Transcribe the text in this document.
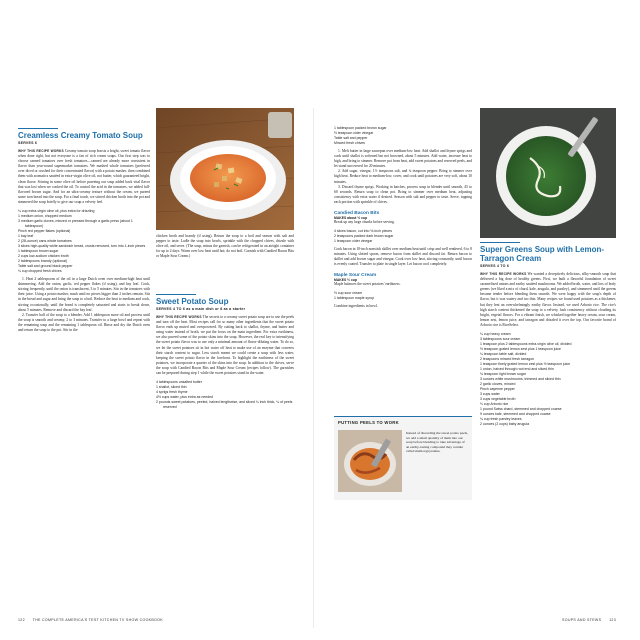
Creamless Creamy Tomato Soup
SERVES 6
WHY THIS RECIPE WORKS Creamy tomato soup boosts a bright, sweet tomato flavor when done right, but not everyone is a fan of rich cream soups. Our first step was to choose canned tomatoes over fresh tomatoes—canned are already more consistent in flavor than year-round supermarket tomatoes. We mashed whole tomatoes (preferred over diced or crushed for their concentrated flavor) with a potato masher, then combined them with aromatics sautéed in extra-virgin olive oil, not butter, which guaranteed bright, clean flavor. Stirring in some olive oil before pureeing our soup added back vital flavor that was lost when we cooked the oil. To control the acid in the tomatoes, we added full-flavored brown sugar. And for an ultra-creamy texture without the cream, we pureed some torn bread into the soup. For a final touch, we stirred chicken broth into the pot and simmered the soup briefly to give our soup a velvety feel.
¼ cup extra-virgin olive oil, plus extra for drizzling
1 medium onion, chopped medium
3 medium garlic cloves, minced or pressed through a garlic press (about 1 tablespoon)
Pinch red pepper flakes (optional)
1 bay leaf
2 (28-ounce) cans whole tomatoes
3 slices high-quality white sandwich bread, crusts removed, torn into 1-inch pieces
1 tablespoon brown sugar
2 cups low-sodium chicken broth
2 tablespoons brandy (optional)
Table salt and ground black pepper
¼ cup chopped fresh chives

1. Heat 2 tablespoons of the oil in a large Dutch oven over medium-high heat until shimmering. Add the onion, garlic, red pepper flakes (if using), and bay leaf. Cook, stirring frequently, until the onion is translucent, 3 to 5 minutes. Stir in the tomatoes with their juice. Using a potato masher, mash until no pieces bigger than 2 inches remain. Stir in the bread and sugar and bring the soup to a boil. Reduce the heat to medium and cook, stirring occasionally, until the bread is completely saturated and starts to break down, about 5 minutes. Remove and discard the bay leaf.

2. Transfer half of the soup to a blender. Add 1 tablespoon more oil and process until the soup is smooth and creamy, 2 to 3 minutes. Transfer to a large bowl and repeat with the remaining soup and the remaining 1 tablespoon oil. Rinse and dry the Dutch oven and return the soup to the pot. Stir in the

chicken broth and brandy (if using). Return the soup to a boil and season with salt and pepper to taste. Ladle the soup into bowls, sprinkle with the chopped chives, drizzle with olive oil, and serve. (The soup, minus the garnish, can be refrigerated in an airtight container for up to 2 days. Warm over low heat until hot; do not boil. Garnish with Candied Bacon Bits or Maple Sour Cream.)
Sweet Potato Soup
SERVES 4 TO 6 as a main dish or 8 as a starter
WHY THIS RECIPE WORKS The secrets to a creamy sweet potato soup are to use the peels and turn off the heat. Most recipes call for so many other ingredients that the sweet potato flavor ends up muted and overpowered. By cutting back to shallot, thyme, and butter and using water instead of broth, we put the focus on the main ingredient. For extra earthiness, we also pureed some of the potato skins into the soup. However, the real key to intensifying the sweet potato flavor was to use only a minimal amount of flavor-diluting water. To do so, we let the sweet potatoes sit in hot water off heat to make use of an enzyme that converts their starch content to sugar. Less starch meant we could create a soup with less water, keeping the sweet potato flavor in the forefront. To highlight the earthiness of the sweet potatoes, we incorporate a quarter of the skins into the soup. In addition to the chives, serve the soup with Candied Bacon Bits and Maple Sour Cream (recipes follow). The garnishes can be prepared during step 1 while the sweet potatoes stand in the water.
4 tablespoons unsalted butter
1 shallot, sliced thin
4 sprigs fresh thyme
4½ cups water, plus extra as needed
2 pounds sweet potatoes, peeled, halved lengthwise, and sliced ¼ inch thick, ¼ of peels reserved
122 THE COMPLETE AMERICA'S TEST KITCHEN TV SHOW COOKBOOK
1 tablespoon packed brown sugar
½ teaspoon cider vinegar
Table salt and pepper
Minced fresh chives

1. Melt butter in large saucepan over medium-low heat. Add shallot and thyme sprigs and cook until shallot is softened but not browned, about 5 minutes. Add water, increase heat to high, and bring to simmer. Remove pot from heat, add sweet potatoes and reserved peels, and let stand uncovered for 20 minutes.

2. Add sugar, vinegar, 1½ teaspoons salt, and ¼ teaspoon pepper. Bring to simmer over high heat. Reduce heat to medium-low, cover, and cook until potatoes are very soft, about 10 minutes.

3. Discard thyme sprigs. Working in batches, process soup in blender until smooth, 45 to 60 seconds. Return soup to clean pot. Bring to simmer over medium heat, adjusting consistency with extra water if desired. Season with salt and pepper to taste. Serve, topping each portion with sprinkle of chives.

Candied Bacon Bits
MAKES about ½ cup
Break up any large chunks before serving.
4 slices bacon, cut into ½-inch pieces
2 teaspoons packed dark brown sugar
1 teaspoon cider vinegar
Cook bacon in 10-inch nonstick skillet over medium heat until crisp and well rendered, 6 to 8 minutes. Using slotted spoon, remove bacon from skillet and discard fat. Return bacon to skillet and add brown sugar and vinegar. Cook over low heat, stirring constantly, until bacon is evenly coated. Transfer to plate in single layer. Let bacon cool completely.
Maple Sour Cream
MAKES ½ cup
Maple balances the sweet potatoes' earthiness.
½ cup sour cream
1 tablespoon maple syrup
Combine ingredients in bowl.
PUTTING PEELS TO WORK
Instead of discarding the sweet potato peels, we add a small quantity of them into our soup before blending to take advantage of an earthy-tasting compound they contain called methoxypyrazine.
Super Greens Soup with Lemon-Tarragon Cream
SERVES 4 TO 6
WHY THIS RECIPE WORKS We wanted a deceptively delicious, silky-smooth soup that delivered a big dose of healthy greens. First, we built a flavorful foundation of sweet caramelized onions and earthy sautéed mushrooms. We added broth, water, and lots of leafy greens (we liked a mix of chard, kale, arugula, and parsley), and simmered until the greens became tender before blending them smooth. We were happy with the soup's depth of flavor, but it was watery and too thin. Many recipes we found used potatoes as a thickener, but they lent an overwhelmingly earthy flavor. Instead, we used Arborio rice. The rice's high starch content thickened the soup to a velvety, lush consistency without clouding its bright, vegetal flavors. For a vibrant finish, we whisked together heavy cream, sour cream, lemon zest, lemon juice, and tarragon and drizzled it over the top. Our favorite brand of Arborio rice is RiceSelect.
¼ cup heavy cream
3 tablespoons sour cream
1 teaspoon plus 2 tablespoons extra-virgin olive oil, divided
½ teaspoon grated lemon zest plus 1 teaspoon juice
¼ teaspoon table salt, divided
2 teaspoons minced fresh tarragon
1 teaspoon finely grated lemon zest plus ½ teaspoon juice
1 onion, halved through root end and sliced thin
¾ teaspoon light brown sugar
3 ounces white mushrooms, trimmed and sliced thin
2 garlic cloves, minced
Pinch cayenne pepper
3 cups water
3 cups vegetable broth
⅓ cup Arborio rice
1 pound Swiss chard, stemmed and chopped coarse
9 ounces kale, stemmed and chopped coarse
¼ cup fresh parsley leaves
2 ounces (2 cups) baby arugula
SOUPS AND STEWS 123
